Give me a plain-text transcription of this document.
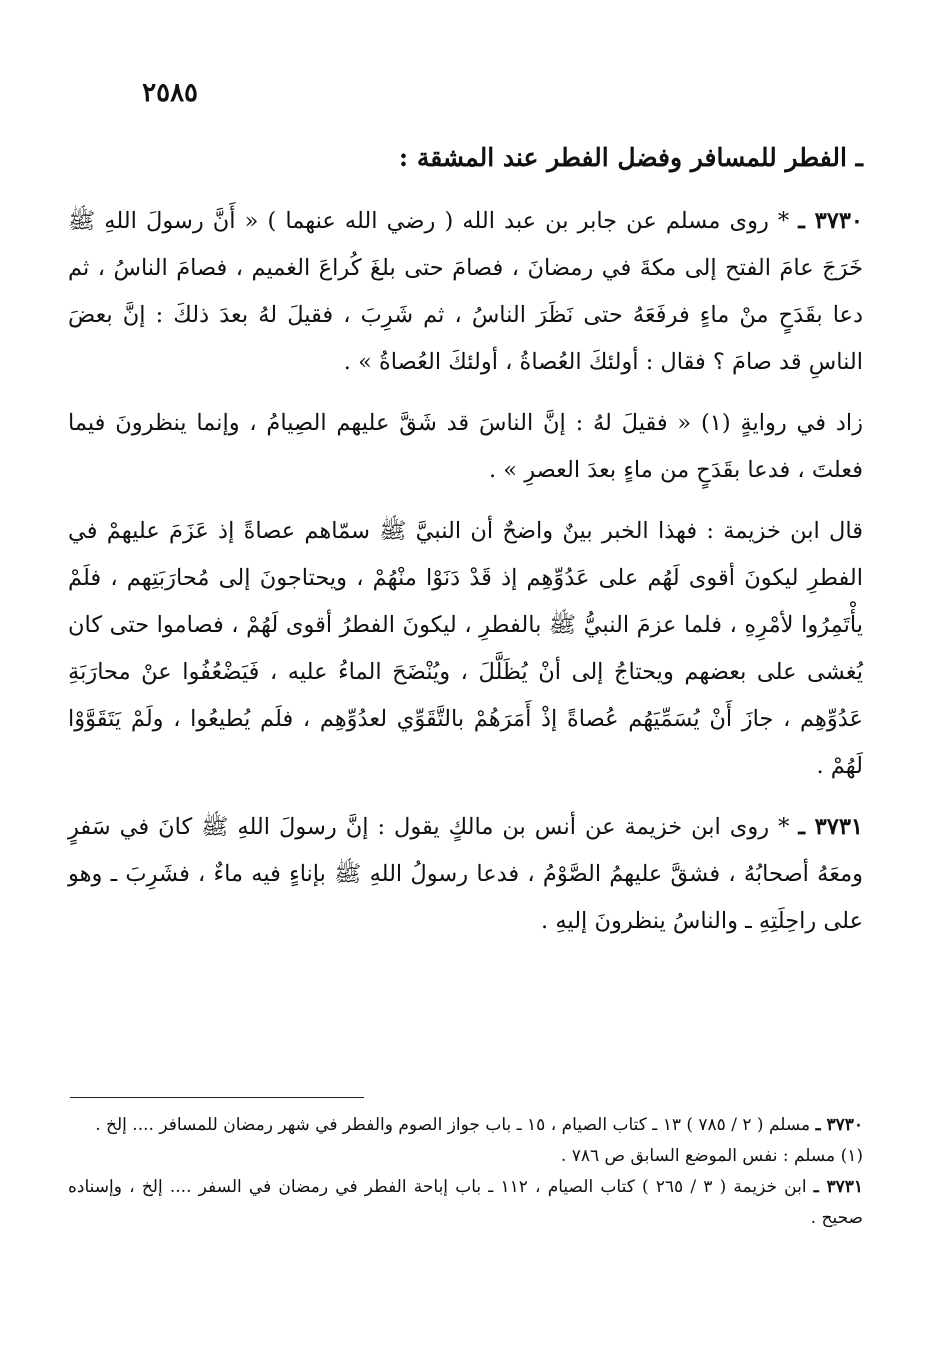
٢٥٨٥
ـ الفطر للمسافر وفضل الفطر عند المشقة :

٣٧٣٠ ـ * روى مسلم عن جابر بن عبد الله ( رضي الله عنهما ) « أَنَّ رسولَ اللهِ ﷺ خَرَجَ عامَ الفتح إلى مكةَ في رمضانَ ، فصامَ حتى بلغَ كُراعَ الغميم ، فصامَ الناسُ ، ثم دعا بقَدَحٍ منْ ماءٍ فرفَعَهُ حتى نَظَرَ الناسُ ، ثم شَرِبَ ، فقيلَ لهُ بعدَ ذلكَ : إنَّ بعضَ الناسِ قد صامَ ؟ فقال : أولئكَ العُصاةُ ، أولئكَ العُصاةُ » .

زاد في روايةٍ (١) « فقيلَ لهُ : إنَّ الناسَ قد شَقَّ عليهم الصِيامُ ، وإنما ينظرونَ فيما فعلتَ ، فدعا بقَدَحٍ من ماءٍ بعدَ العصرِ » .

قال ابن خزيمة : فهذا الخبر بينٌ واضحٌ أن النبيَّ ﷺ سمّاهم عصاةً إذ عَزَمَ عليهمْ في الفطرِ ليكونَ أقوى لَهُم على عَدُوِّهِم إذ قَدْ دَنَوْا منْهُمْ ، ويحتاجونَ إلى مُحارَبَتِهم ، فلَمْ يأْتَمِرُوا لأمْرِهِ ، فلما عزمَ النبيُّ ﷺ بالفطرِ ، ليكونَ الفطرُ أقوى لَهُمْ ، فصاموا حتى كان يُغشى على بعضهم ويحتاجُ إلى أنْ يُظَلَّلَ ، ويُنْضَحَ الماءُ عليه ، فَيَضْعُفُوا عنْ محارَبَةِ عَدُوِّهِم ، جازَ أَنْ يُسَمِّيَهُم عُصاةً إذْ أَمَرَهُمْ بالتَّقَوِّي لعدُوِّهِم ، فلَم يُطيعُوا ، ولَمْ يَتَقَوَّوْا لَهُمْ .

٣٧٣١ ـ * روى ابن خزيمة عن أنس بن مالكٍ يقول : إنَّ رسولَ اللهِ ﷺ كانَ في سَفرٍ ومعَهُ أصحابُهُ ، فشقَّ عليهمُ الصَّوْمُ ، فدعا رسولُ اللهِ ﷺ بإناءٍ فيه ماءٌ ، فشَرِبَ ـ وهو على راحِلَتِهِ ـ والناسُ ينظرونَ إليهِ .

٣٧٣٠ ـ مسلم ( ٢ / ٧٨٥ ) ١٣ ـ كتاب الصيام ، ١٥ ـ باب جواز الصوم والفطر في شهر رمضان للمسافر .... إلخ .

(١) مسلم : نفس الموضع السابق ص ٧٨٦ .

٣٧٣١ ـ ابن خزيمة ( ٣ / ٢٦٥ ) كتاب الصيام ، ١١٢ ـ باب إباحة الفطر في رمضان في السفر .... إلخ ، وإسناده صحيح .
